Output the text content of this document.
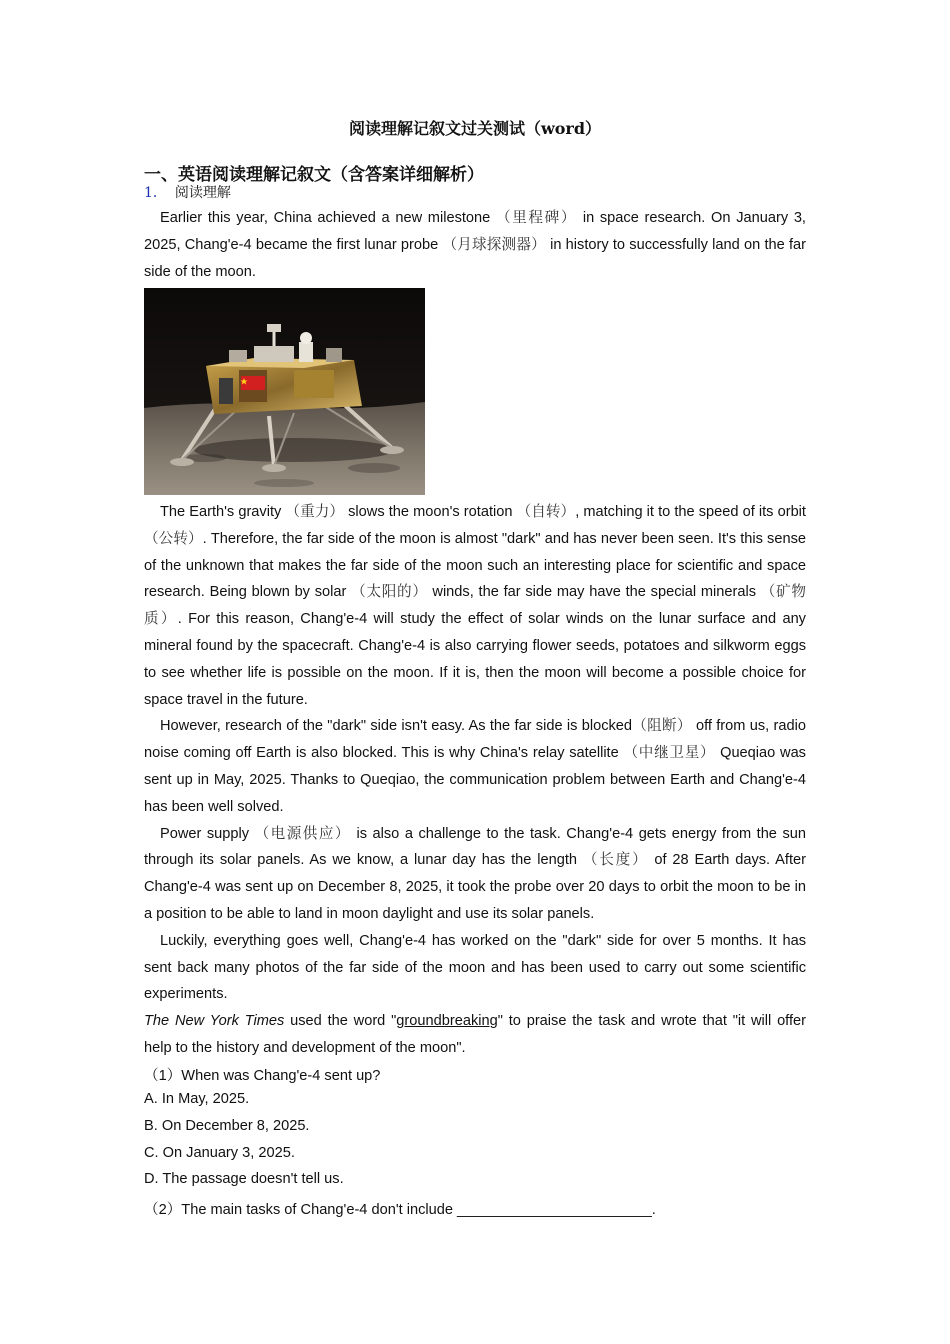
阅读理解记叙文过关测试（word）
一、英语阅读理解记叙文（含答案详细解析）
1． 阅读理解

Earlier this year, China achieved a new milestone （里程碑） in space research. On January 3, 2025, Chang'e-4 became the first lunar probe （月球探测器） in history to successfully land on the far side of the moon.

The Earth's gravity （重力） slows the moon's rotation （自转）, matching it to the speed of its orbit （公转）. Therefore, the far side of the moon is almost "dark" and has never been seen. It's this sense of the unknown that makes the far side of the moon such an interesting place for scientific and space research. Being blown by solar （太阳的） winds, the far side may have the special minerals （矿物质）. For this reason, Chang'e-4 will study the effect of solar winds on the lunar surface and any mineral found by the spacecraft. Chang'e-4 is also carrying flower seeds, potatoes and silkworm eggs to see whether life is possible on the moon. If it is, then the moon will become a possible choice for space travel in the future.

However, research of the "dark" side isn't easy. As the far side is blocked（阻断） off from us, radio noise coming off Earth is also blocked. This is why China's relay satellite （中继卫星） Queqiao was sent up in May, 2025. Thanks to Queqiao, the communication problem between Earth and Chang'e-4 has been well solved.

Power supply （电源供应） is also a challenge to the task. Chang'e-4 gets energy from the sun through its solar panels. As we know, a lunar day has the length （长度） of 28 Earth days. After Chang'e-4 was sent up on December 8, 2025, it took the probe over 20 days to orbit the moon to be in a position to be able to land in moon daylight and use its solar panels.

Luckily, everything goes well, Chang'e-4 has worked on the "dark" side for over 5 months. It has sent back many photos of the far side of the moon and has been used to carry out some scientific experiments.

The New York Times used the word "groundbreaking" to praise the task and wrote that "it will offer help to the history and development of the moon".

（1）When was Chang'e-4 sent up?
A. In May, 2025.
B. On December 8, 2025.
C. On January 3, 2025.
D. The passage doesn't tell us.
（2）The main tasks of Chang'e-4 don't include ________________________.
